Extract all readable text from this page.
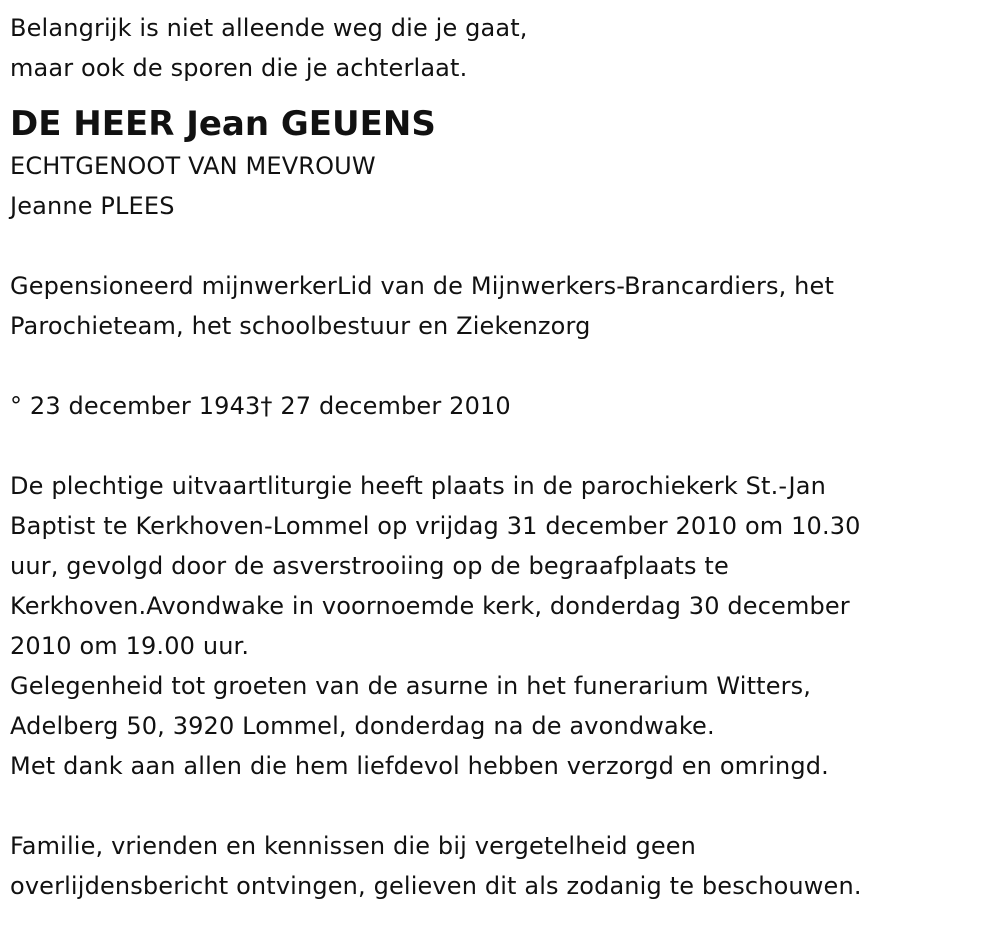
Belangrijk is niet alleende weg die je gaat,
maar ook de sporen die je achterlaat.
DE HEER Jean GEUENS
ECHTGENOOT VAN MEVROUW
Jeanne PLEES
Gepensioneerd mijnwerkerLid van de Mijnwerkers-Brancardiers, het
Parochieteam, het schoolbestuur en Ziekenzorg
° 23 december 1943† 27 december 2010
De plechtige uitvaartliturgie heeft plaats in de parochiekerk St.-Jan
Baptist te Kerkhoven-Lommel op vrijdag 31 december 2010 om 10.30
uur, gevolgd door de asverstrooiing op de begraafplaats te
Kerkhoven.Avondwake in voornoemde kerk, donderdag 30 december
2010 om 19.00 uur.
Gelegenheid tot groeten van de asurne in het funerarium Witters,
Adelberg 50, 3920 Lommel, donderdag na de avondwake.
Met dank aan allen die hem liefdevol hebben verzorgd en omringd.
Familie, vrienden en kennissen die bij vergetelheid geen
overlijdensbericht ontvingen, gelieven dit als zodanig te beschouwen.
